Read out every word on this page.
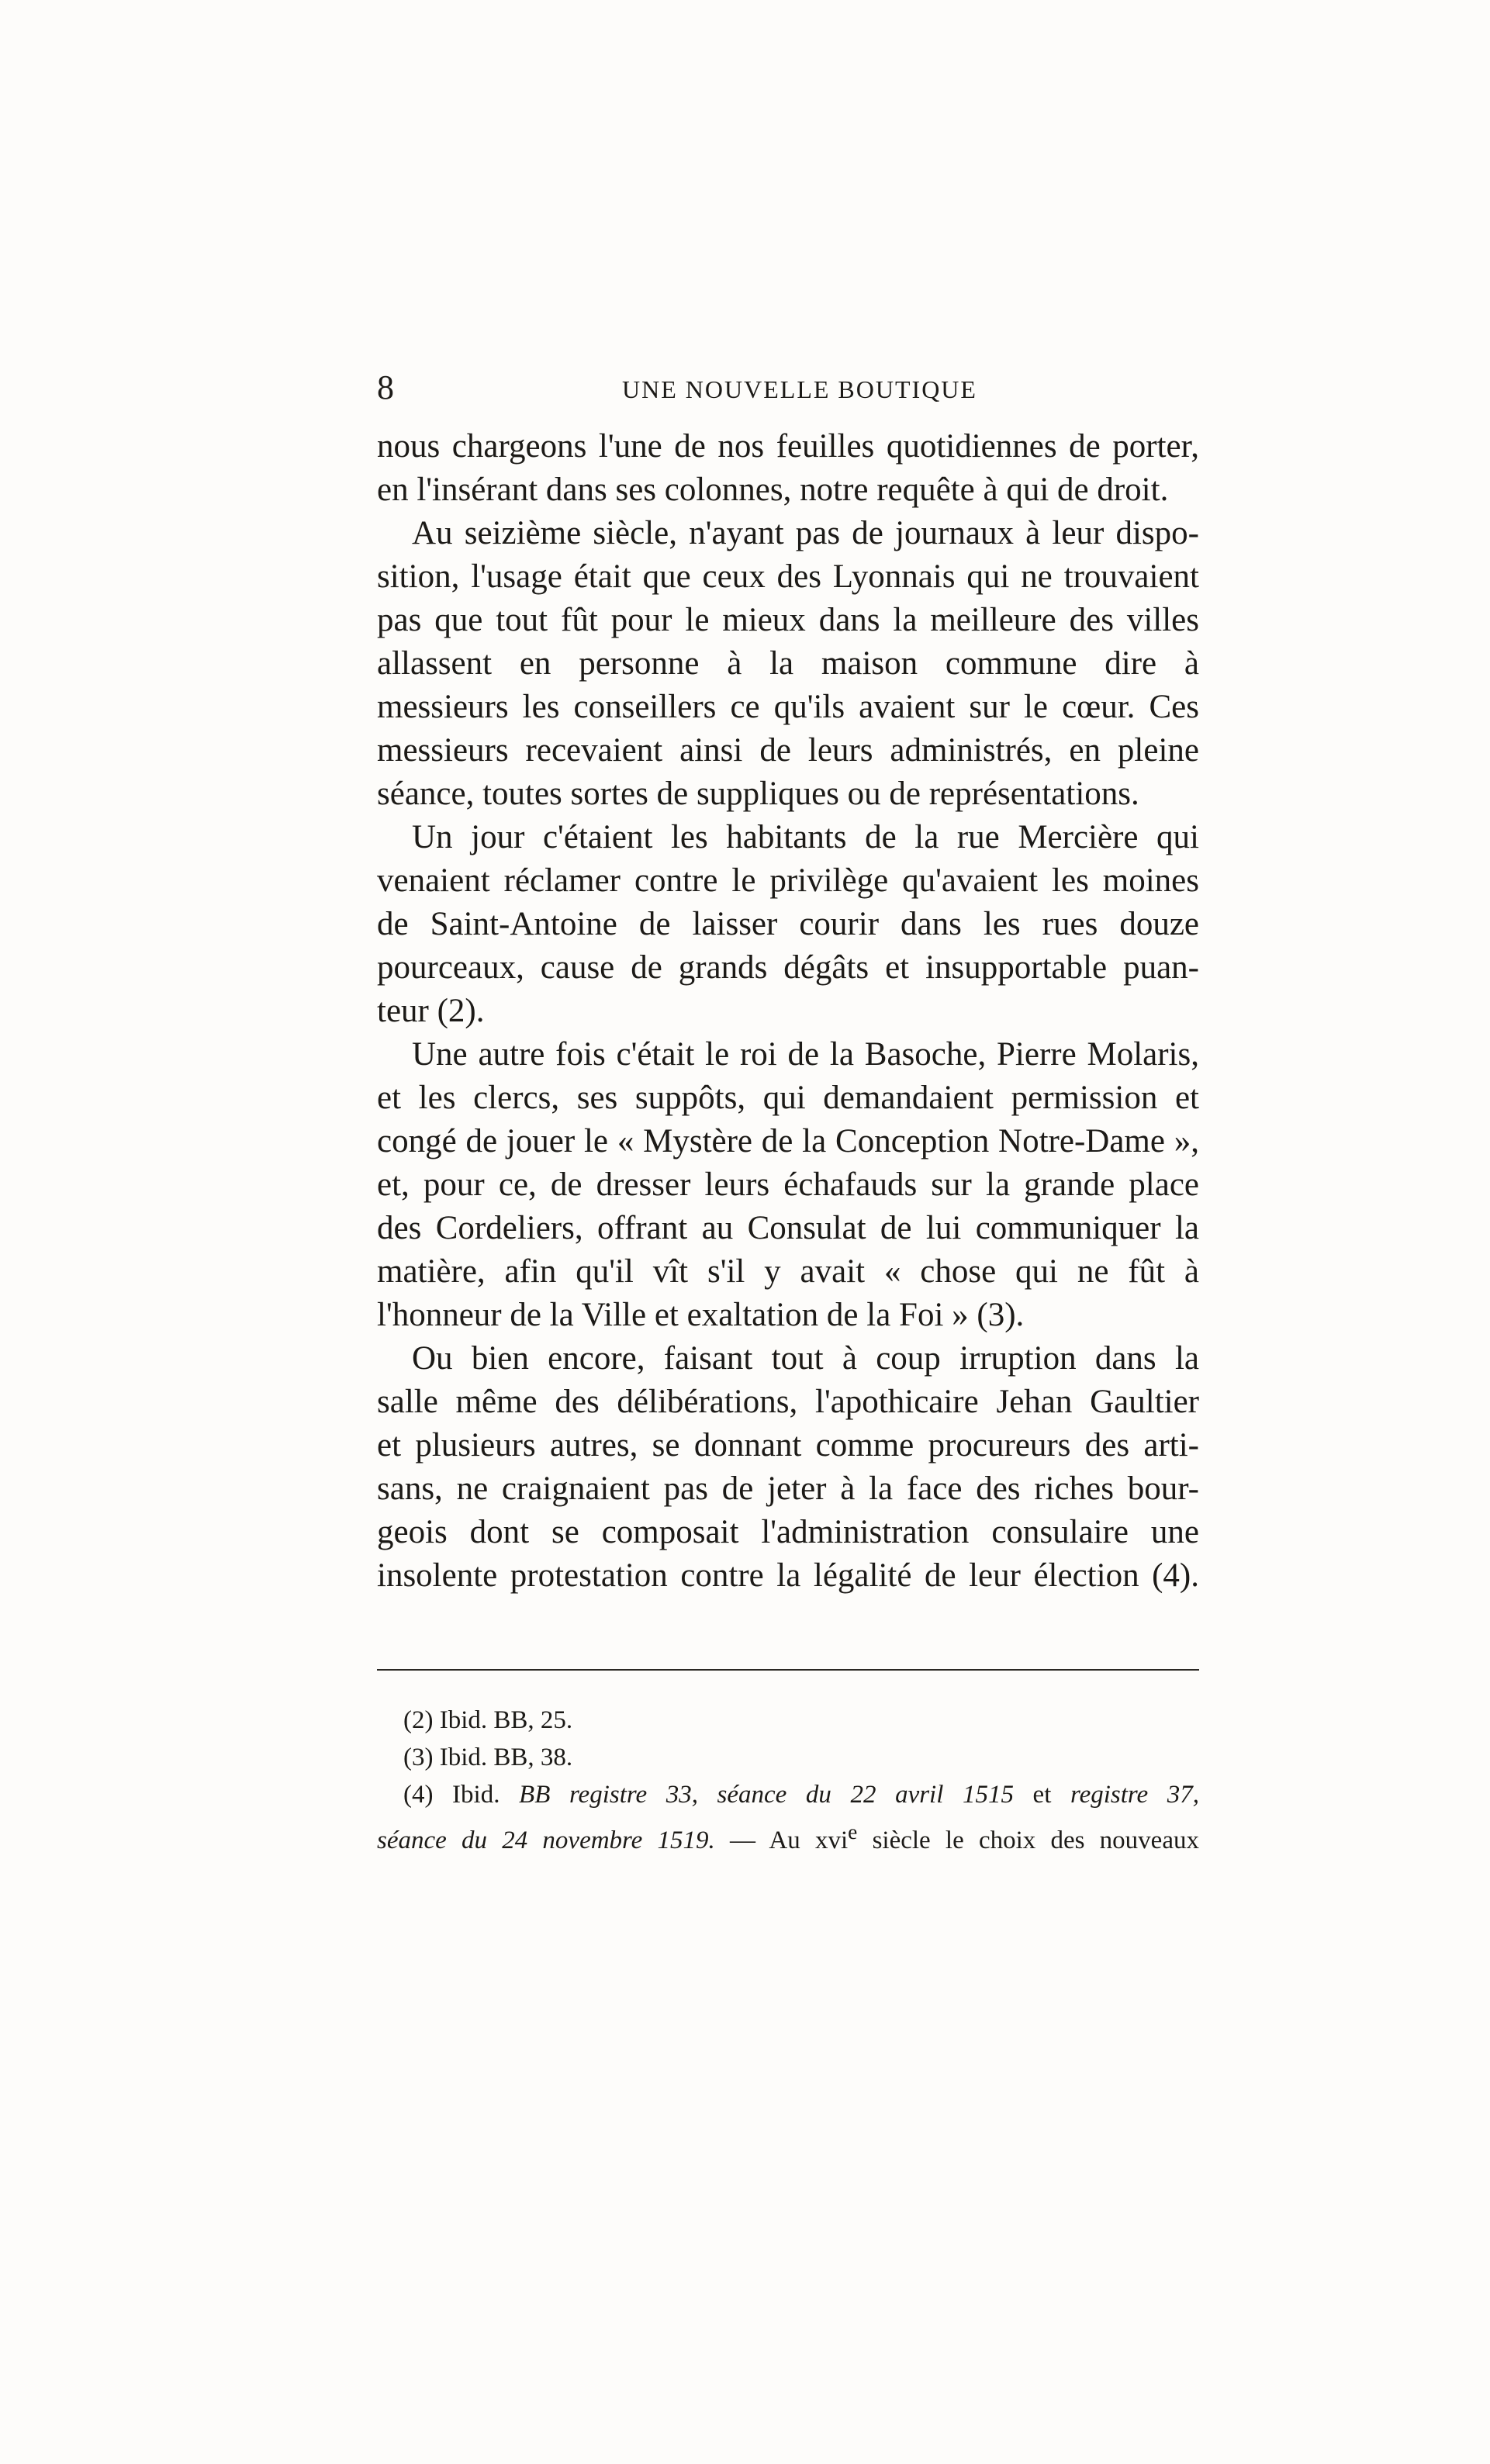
8	UNE NOUVELLE BOUTIQUE
nous chargeons l'une de nos feuilles quotidiennes de porter,
en l'insérant dans ses colonnes, notre requête à qui de droit.
Au seizième siècle, n'ayant pas de journaux à leur dispo-
sition, l'usage était que ceux des Lyonnais qui ne trouvaient
pas que tout fût pour le mieux dans la meilleure des villes
allassent en personne à la maison commune dire à
messieurs les conseillers ce qu'ils avaient sur le cœur. Ces
messieurs recevaient ainsi de leurs administrés, en pleine
séance, toutes sortes de suppliques ou de représentations.
Un jour c'étaient les habitants de la rue Mercière qui
venaient réclamer contre le privilège qu'avaient les moines
de Saint-Antoine de laisser courir dans les rues douze
pourceaux, cause de grands dégâts et insupportable puan-
teur (2).
Une autre fois c'était le roi de la Basoche, Pierre Molaris,
et les clercs, ses suppôts, qui demandaient permission et
congé de jouer le « Mystère de la Conception Notre-Dame »,
et, pour ce, de dresser leurs échafauds sur la grande place
des Cordeliers, offrant au Consulat de lui communiquer la
matière, afin qu'il vît s'il y avait « chose qui ne fût à
l'honneur de la Ville et exaltation de la Foi » (3).
Ou bien encore, faisant tout à coup irruption dans la
salle même des délibérations, l'apothicaire Jehan Gaultier
et plusieurs autres, se donnant comme procureurs des arti-
sans, ne craignaient pas de jeter à la face des riches bour-
geois dont se composait l'administration consulaire une
insolente protestation contre la légalité de leur élection (4).
(2) Ibid. BB, 25.
(3) Ibid. BB, 38.
(4) Ibid. BB registre 33, séance du 22 avril 1515 et registre 37,
séance du 24 novembre 1519. — Au xvi$^e$ siècle le choix des nouveaux
